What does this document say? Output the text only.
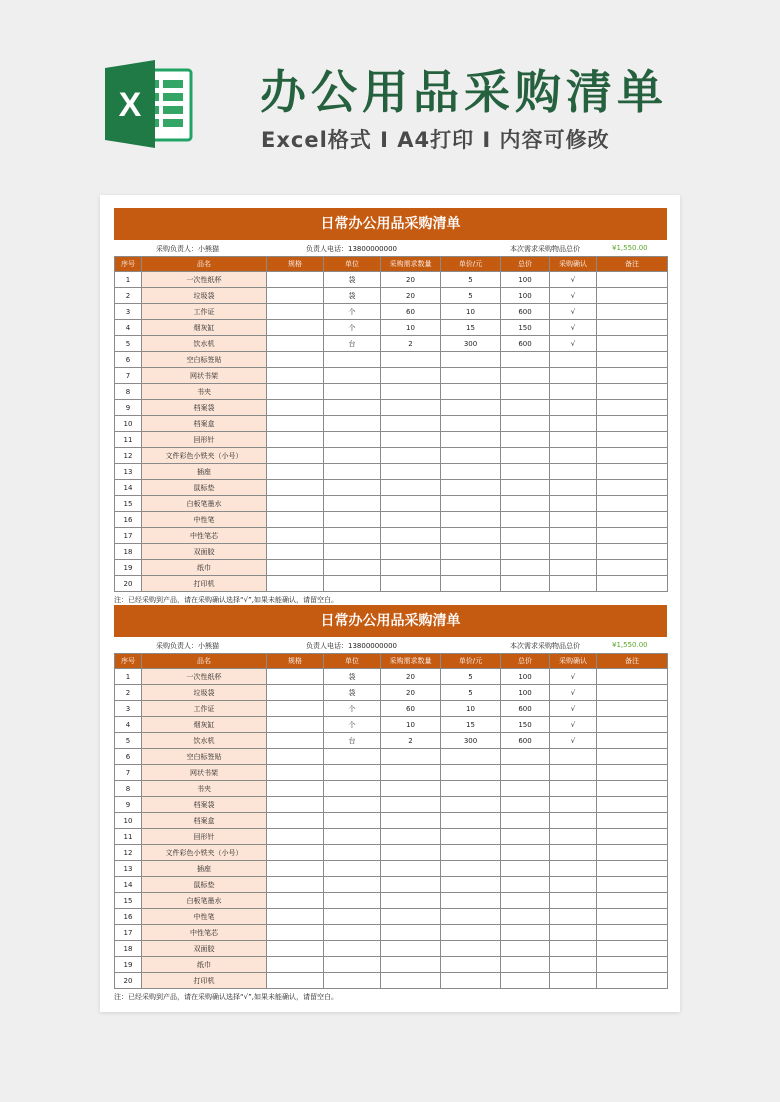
X	办公用品采购清单
Excel格式 I A4打印 I 内容可修改
日常办公用品采购清单
采购负责人：小熊猫	负责人电话：13800000000	本次需求采购物品总价	¥1,550.00
序号	品名	规格	单位	采购需求数量	单价/元	总价	采购确认	备注
1	一次性纸杯		袋	20	5	100	√	
2	垃圾袋		袋	20	5	100	√	
3	工作证		个	60	10	600	√	
4	烟灰缸		个	10	15	150	√	
5	饮水机		台	2	300	600	√	
6	空白标签贴							
7	网状书架							
8	书夹							
9	档案袋							
10	档案盒							
11	回形针							
12	文件彩色小铁夹（小号）							
13	插座							
14	鼠标垫							
15	白板笔墨水							
16	中性笔							
17	中性笔芯							
18	双面胶							
19	纸巾							
20	打印机							
注：已经采购到产品，请在采购确认选择“√”,如果未能确认，请留空白。
日常办公用品采购清单
采购负责人：小熊猫	负责人电话：13800000000	本次需求采购物品总价	¥1,550.00
序号	品名	规格	单位	采购需求数量	单价/元	总价	采购确认	备注
1	一次性纸杯		袋	20	5	100	√	
2	垃圾袋		袋	20	5	100	√	
3	工作证		个	60	10	600	√	
4	烟灰缸		个	10	15	150	√	
5	饮水机		台	2	300	600	√	
6	空白标签贴							
7	网状书架							
8	书夹							
9	档案袋							
10	档案盒							
11	回形针							
12	文件彩色小铁夹（小号）							
13	插座							
14	鼠标垫							
15	白板笔墨水							
16	中性笔							
17	中性笔芯							
18	双面胶							
19	纸巾							
20	打印机							
注：已经采购到产品，请在采购确认选择“√”,如果未能确认，请留空白。
